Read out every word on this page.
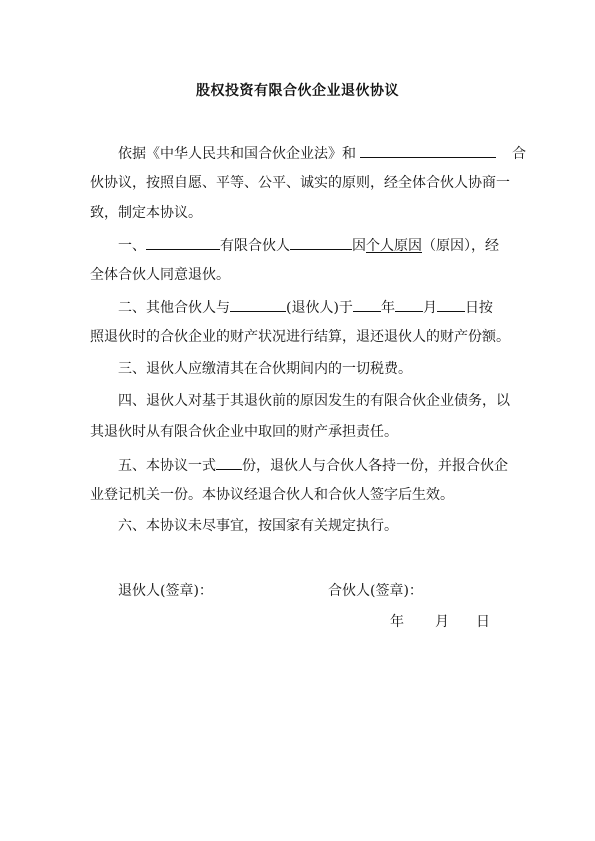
股权投资有限合伙企业退伙协议
依据《中华人民共和国合伙企业法》和	合
伙协议，按照自愿、平等、公平、诚实的原则，经全体合伙人协商一
致，制定本协议。
一、	有限合伙人	因个人原因（原因），经
全体合伙人同意退伙。
二、其他合伙人与	(退伙人)于 年 月 日按
照退伙时的合伙企业的财产状况进行结算，退还退伙人的财产份额。
三、退伙人应缴清其在合伙期间内的一切税费。
四、退伙人对基于其退伙前的原因发生的有限合伙企业债务，以
其退伙时从有限合伙企业中取回的财产承担责任。
五、本协议一式 份，退伙人与合伙人各持一份，并报合伙企
业登记机关一份。本协议经退合伙人和合伙人签字后生效。
六、本协议未尽事宜，按国家有关规定执行。
退伙人(签章)：	合伙人(签章)：
年 月 日
